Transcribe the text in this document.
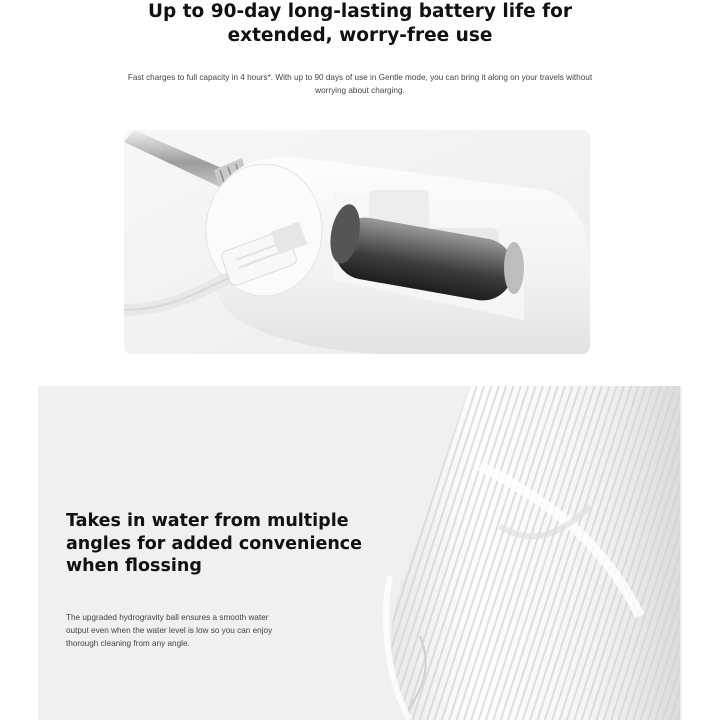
Up to 90-day long-lasting battery life for
extended, worry-free use

Fast charges to full capacity in 4 hours*. With up to 90 days of use in Gentle mode, you can bring it along on your travels without
worrying about charging.

Takes in water from multiple
angles for added convenience
when flossing

The upgraded hydrogravity ball ensures a smooth water
output even when the water level is low so you can enjoy
thorough cleaning from any angle.
